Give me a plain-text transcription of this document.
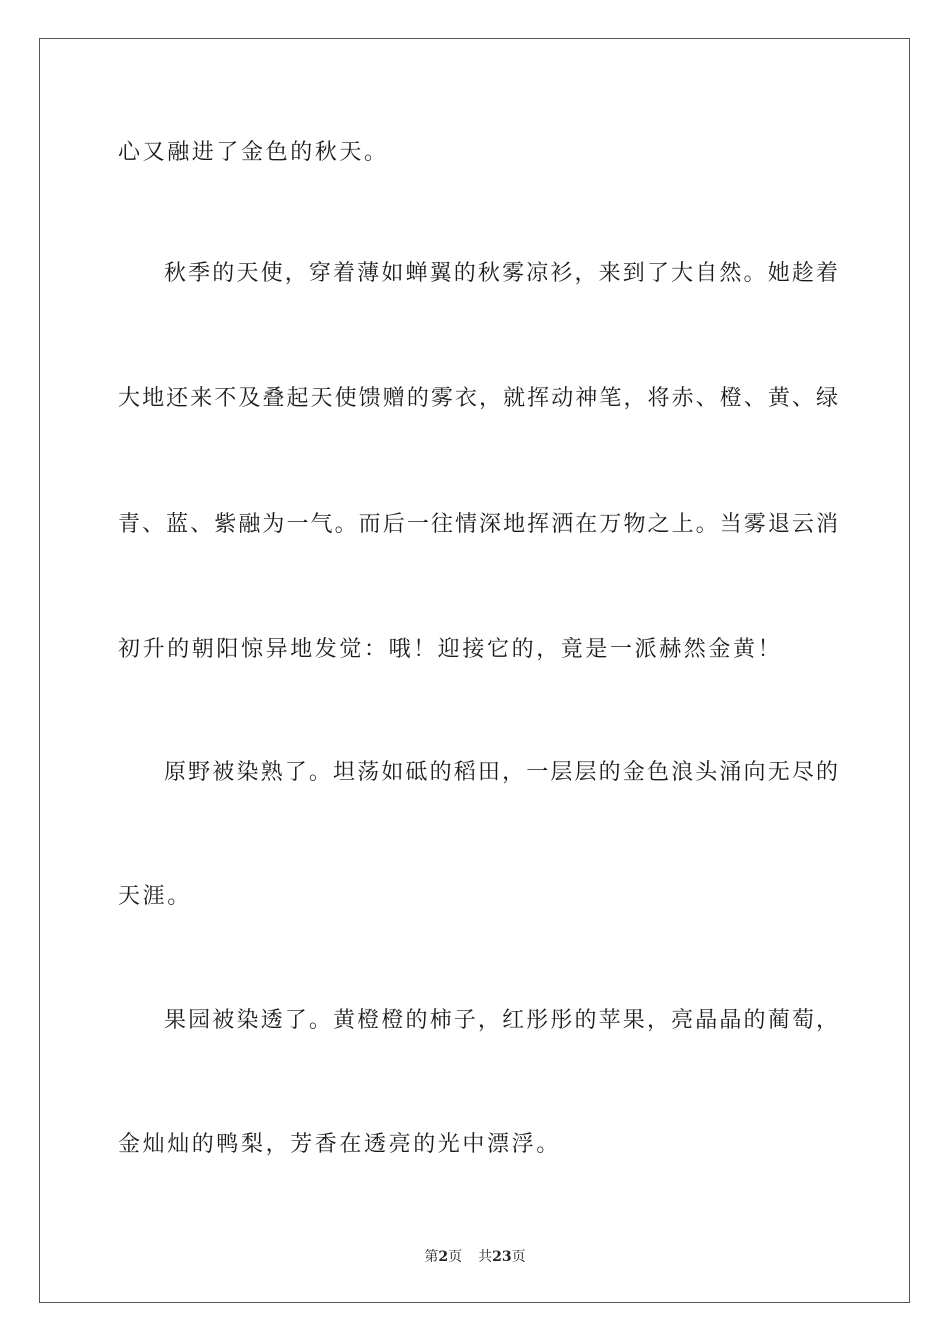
心又融进了金色的秋天。
秋季的天使，穿着薄如蝉翼的秋雾凉衫，来到了大自然。她趁着
大地还来不及叠起天使馈赠的雾衣，就挥动神笔，将赤、橙、黄、绿
青、蓝、紫融为一气。而后一往情深地挥洒在万物之上。当雾退云消
初升的朝阳惊异地发觉：哦！迎接它的，竟是一派赫然金黄！
原野被染熟了。坦荡如砥的稻田，一层层的金色浪头涌向无尽的
天涯。
果园被染透了。黄橙橙的柿子，红彤彤的苹果，亮晶晶的蔺萄，
金灿灿的鸭梨，芳香在透亮的光中漂浮。
第2页 共23页
